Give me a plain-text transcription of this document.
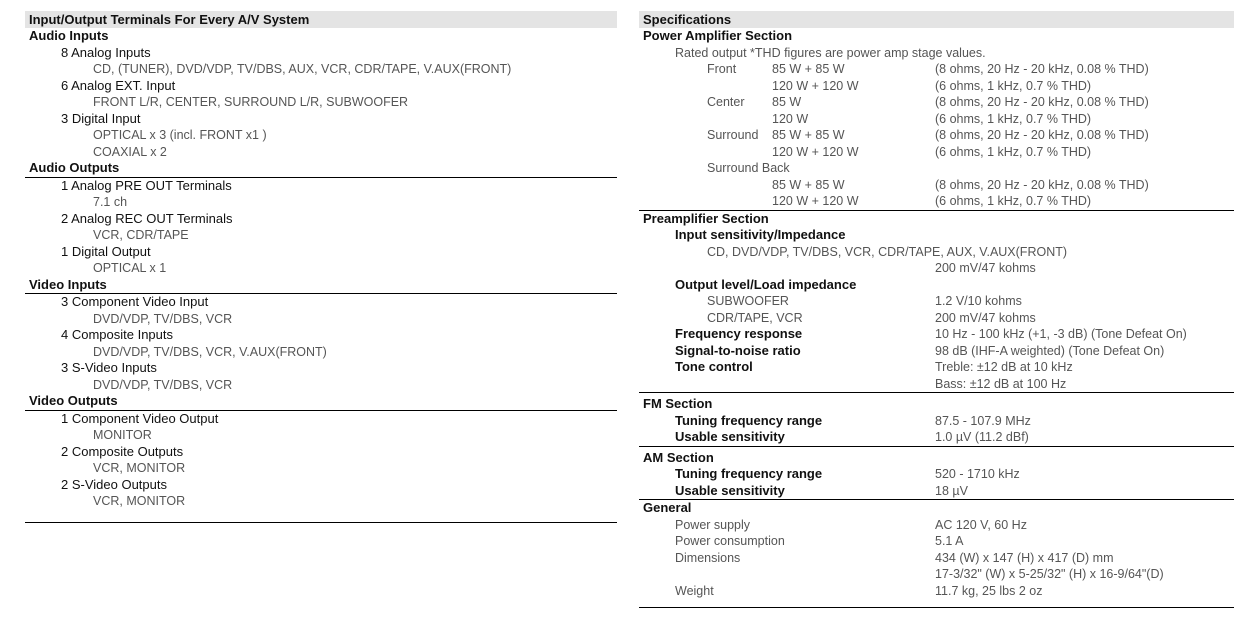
Input/Output Terminals For Every A/V System
Audio Inputs
8 Analog Inputs
CD, (TUNER), DVD/VDP, TV/DBS, AUX, VCR, CDR/TAPE, V.AUX(FRONT)
6 Analog EXT. Input
FRONT L/R, CENTER, SURROUND L/R, SUBWOOFER
3 Digital Input
OPTICAL x 3 (incl. FRONT x1 )
COAXIAL x 2
Audio Outputs
1 Analog PRE OUT Terminals
7.1 ch
2 Analog REC OUT Terminals
VCR, CDR/TAPE
1 Digital Output
OPTICAL x 1
Video Inputs
3 Component Video Input
DVD/VDP, TV/DBS, VCR
4 Composite Inputs
DVD/VDP, TV/DBS, VCR, V.AUX(FRONT)
3 S-Video Inputs
DVD/VDP, TV/DBS, VCR
Video Outputs
1 Component Video Output
MONITOR
2 Composite Outputs
VCR, MONITOR
2 S-Video Outputs
VCR, MONITOR
Specifications
Power Amplifier Section
Rated output *THD figures are power amp stage values.
Front	85 W + 85 W	(8 ohms, 20 Hz - 20 kHz, 0.08 % THD)
120 W + 120 W	(6 ohms, 1 kHz, 0.7 % THD)
Center 85 W	(8 ohms, 20 Hz - 20 kHz, 0.08 % THD)
120 W	(6 ohms, 1 kHz, 0.7 % THD)
Surround 85 W + 85 W	(8 ohms, 20 Hz - 20 kHz, 0.08 % THD)
120 W + 120 W	(6 ohms, 1 kHz, 0.7 % THD)
Surround Back
85 W + 85 W	(8 ohms, 20 Hz - 20 kHz, 0.08 % THD)
120 W + 120 W	(6 ohms, 1 kHz, 0.7 % THD)
Preamplifier Section
Input sensitivity/Impedance
CD, DVD/VDP, TV/DBS, VCR, CDR/TAPE, AUX, V.AUX(FRONT)
200 mV/47 kohms
Output level/Load impedance
SUBWOOFER	1.2 V/10 kohms
CDR/TAPE, VCR	200 mV/47 kohms
Frequency response	10 Hz - 100 kHz (+1, -3 dB) (Tone Defeat On)
Signal-to-noise ratio	98 dB (IHF-A weighted) (Tone Defeat On)
Tone control	Treble: ±12 dB at 10 kHz
Bass: ±12 dB at 100 Hz
FM Section
Tuning frequency range	87.5 - 107.9 MHz
Usable sensitivity	1.0 µV (11.2 dBf)
AM Section
Tuning frequency range	520 - 1710 kHz
Usable sensitivity	18 µV
General
Power supply	AC 120 V, 60 Hz
Power consumption	5.1 A
Dimensions	434 (W) x 147 (H) x 417 (D) mm
17-3/32" (W) x 5-25/32" (H) x 16-9/64"(D)
Weight	11.7 kg, 25 lbs 2 oz
